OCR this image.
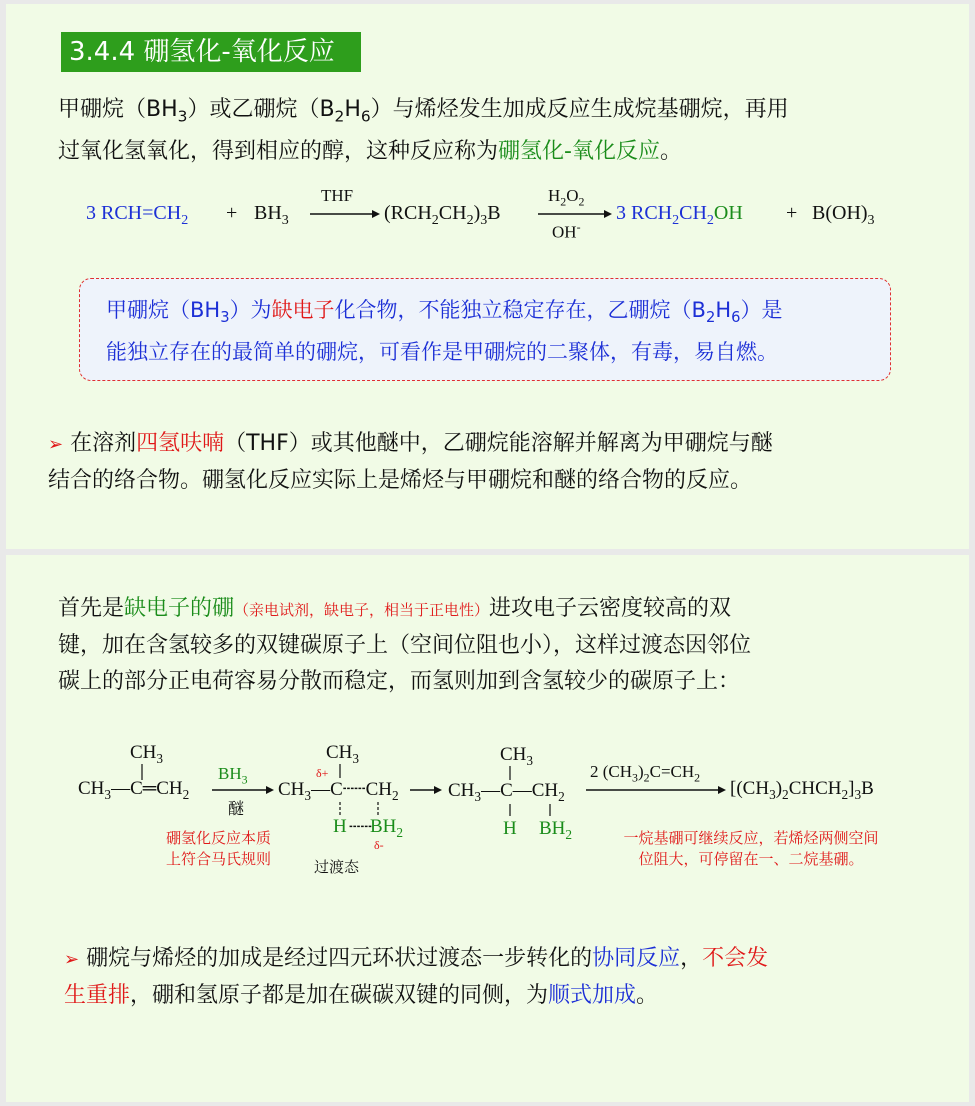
3.4.4 硼氢化-氧化反应
甲硼烷$(BH_3)$或乙硼烷$(B_2H_6)$与烯烃发生加成反应生成烷基硼烷，再用
过氧化氢氧化，得到相应的醇，这种反应称为硼氢化-氧化反应。
3 $RCH=CH_2 + BH_3$
THF
$(RCH_2CH_2)_3B$
$H_2O_2$
OH-
3 $RCH_2CH_2OH + B(OH)_3$
甲硼烷$(BH_3)$为缺电子化合物，不能独立稳定存在，乙硼烷$(B_2H_6)$是
能独立存在的最简单的硼烷，可看作是甲硼烷的二聚体，有毒，易自燃。
➢ 在溶剂四氢呋喃（THF）或其他醚中，乙硼烷能溶解并解离为甲硼烷与醚
结合的络合物。硼氢化反应实际上是烯烃与甲硼烷和醚的络合物的反应。
首先是缺电子的硼（亲电试剂，缺电子，相当于正电性）进攻电子云密度较高的双
键，加在含氢较多的双键碳原子上（空间位阻也小），这样过渡态因邻位
碳上的部分正电荷容易分散而稳定，而氢则加到含氢较少的碳原子上：
$CH_3$
$CH_3—C═CH_2$
$BH_3$
醚
$CH_3$
δ+
$CH_3—C┄┄CH_2$
H ┄┄
$BH_2$
δ-
过渡态
$CH_3$
$CH_3—C—CH_2$
H $BH_2$
2 $(CH_3)_2C=CH_2$
$[(CH_3)_2CHCH_2]_3B$
硼氢化反应本质
上符合马氏规则
一烷基硼可继续反应，若烯烃两侧空间
位阻大，可停留在一、二烷基硼。
➢ 硼烷与烯烃的加成是经过四元环状过渡态一步转化的协同反应，不会发
生重排，硼和氢原子都是加在碳碳双键的同侧，为顺式加成。
